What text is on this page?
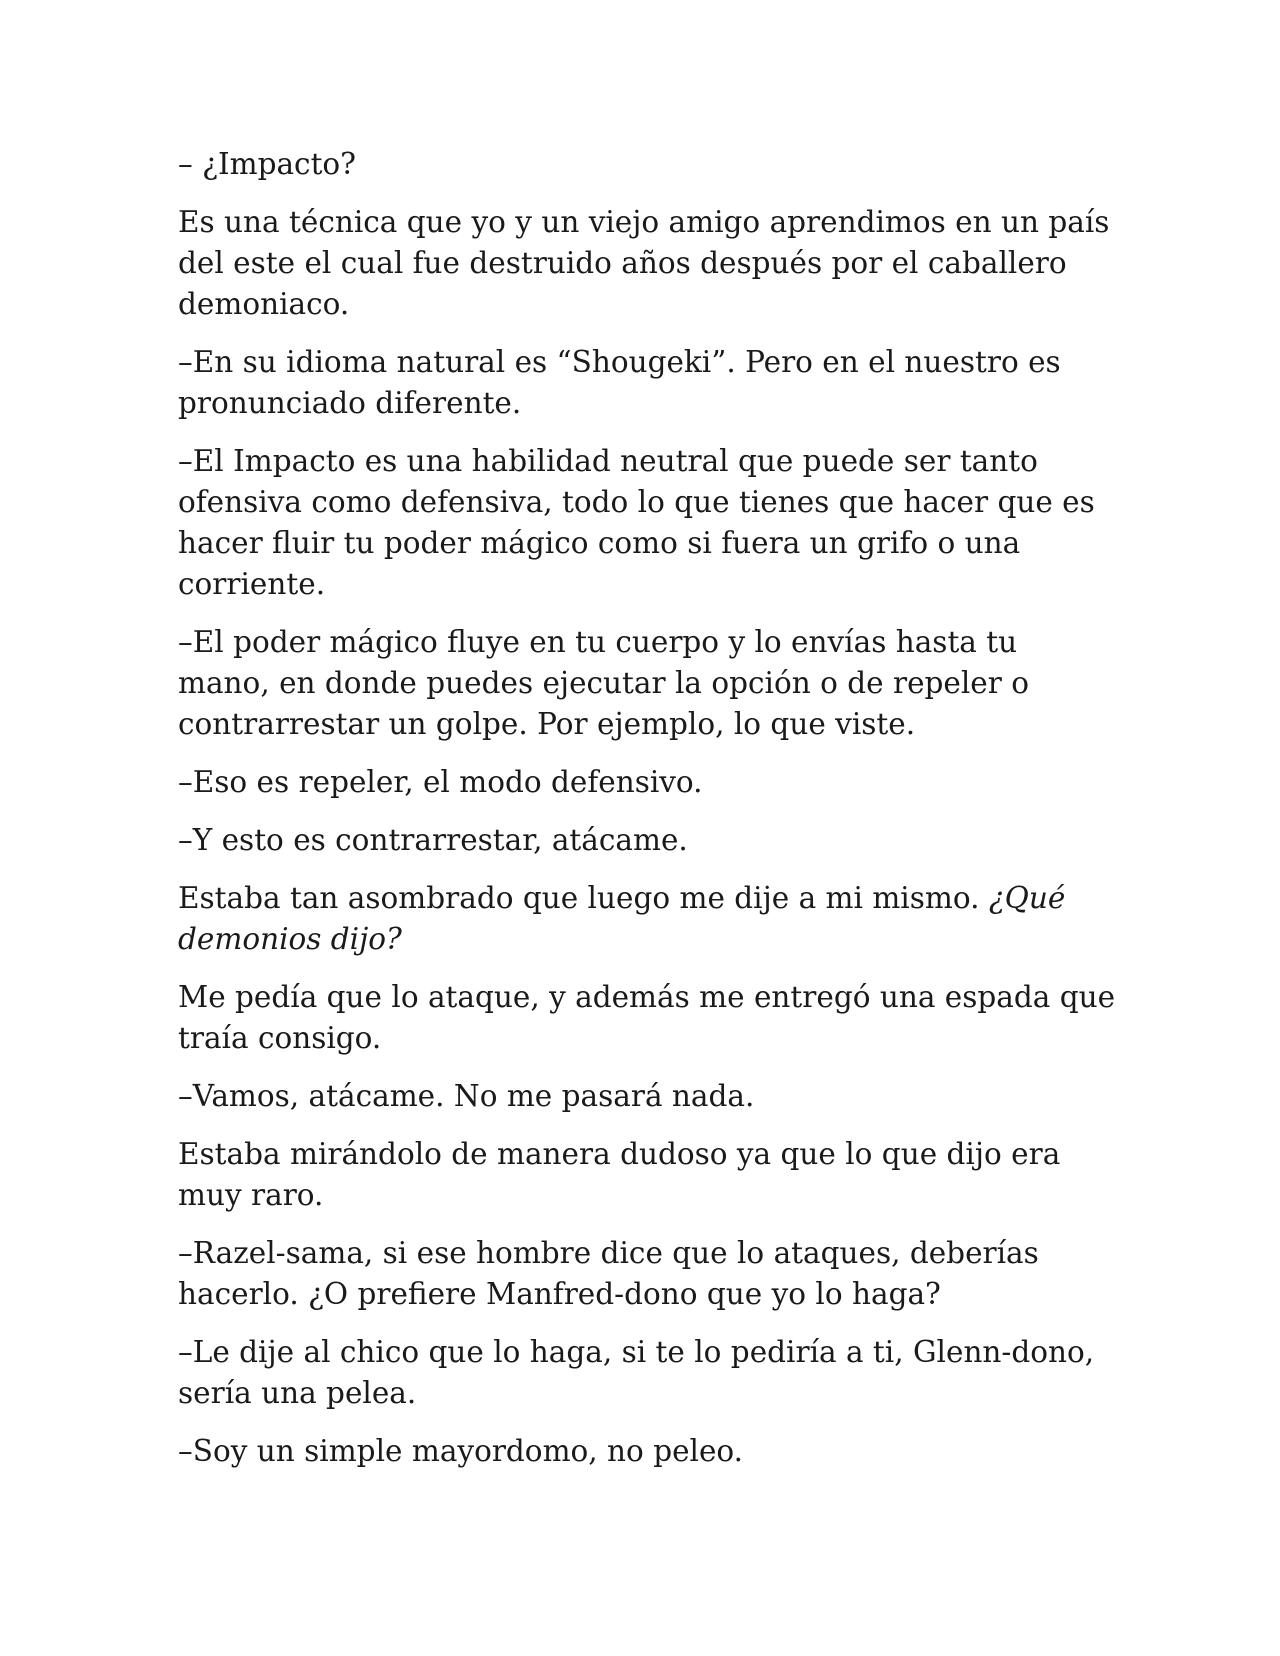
– ¿Impacto?

Es una técnica que yo y un viejo amigo aprendimos en un país del este el cual fue destruido años después por el caballero demoniaco.

–En su idioma natural es “Shougeki”. Pero en el nuestro es pronunciado diferente.

–El Impacto es una habilidad neutral que puede ser tanto ofensiva como defensiva, todo lo que tienes que hacer que es hacer fluir tu poder mágico como si fuera un grifo o una corriente.

–El poder mágico fluye en tu cuerpo y lo envías hasta tu mano, en donde puedes ejecutar la opción o de repeler o contrarrestar un golpe. Por ejemplo, lo que viste.

–Eso es repeler, el modo defensivo.

–Y esto es contrarrestar, atácame.

Estaba tan asombrado que luego me dije a mi mismo. ¿Qué demonios dijo?

Me pedía que lo ataque, y además me entregó una espada que traía consigo.

–Vamos, atácame. No me pasará nada.

Estaba mirándolo de manera dudoso ya que lo que dijo era muy raro.

–Razel-sama, si ese hombre dice que lo ataques, deberías hacerlo. ¿O prefiere Manfred-dono que yo lo haga?

–Le dije al chico que lo haga, si te lo pediría a ti, Glenn-dono, sería una pelea.

–Soy un simple mayordomo, no peleo.
